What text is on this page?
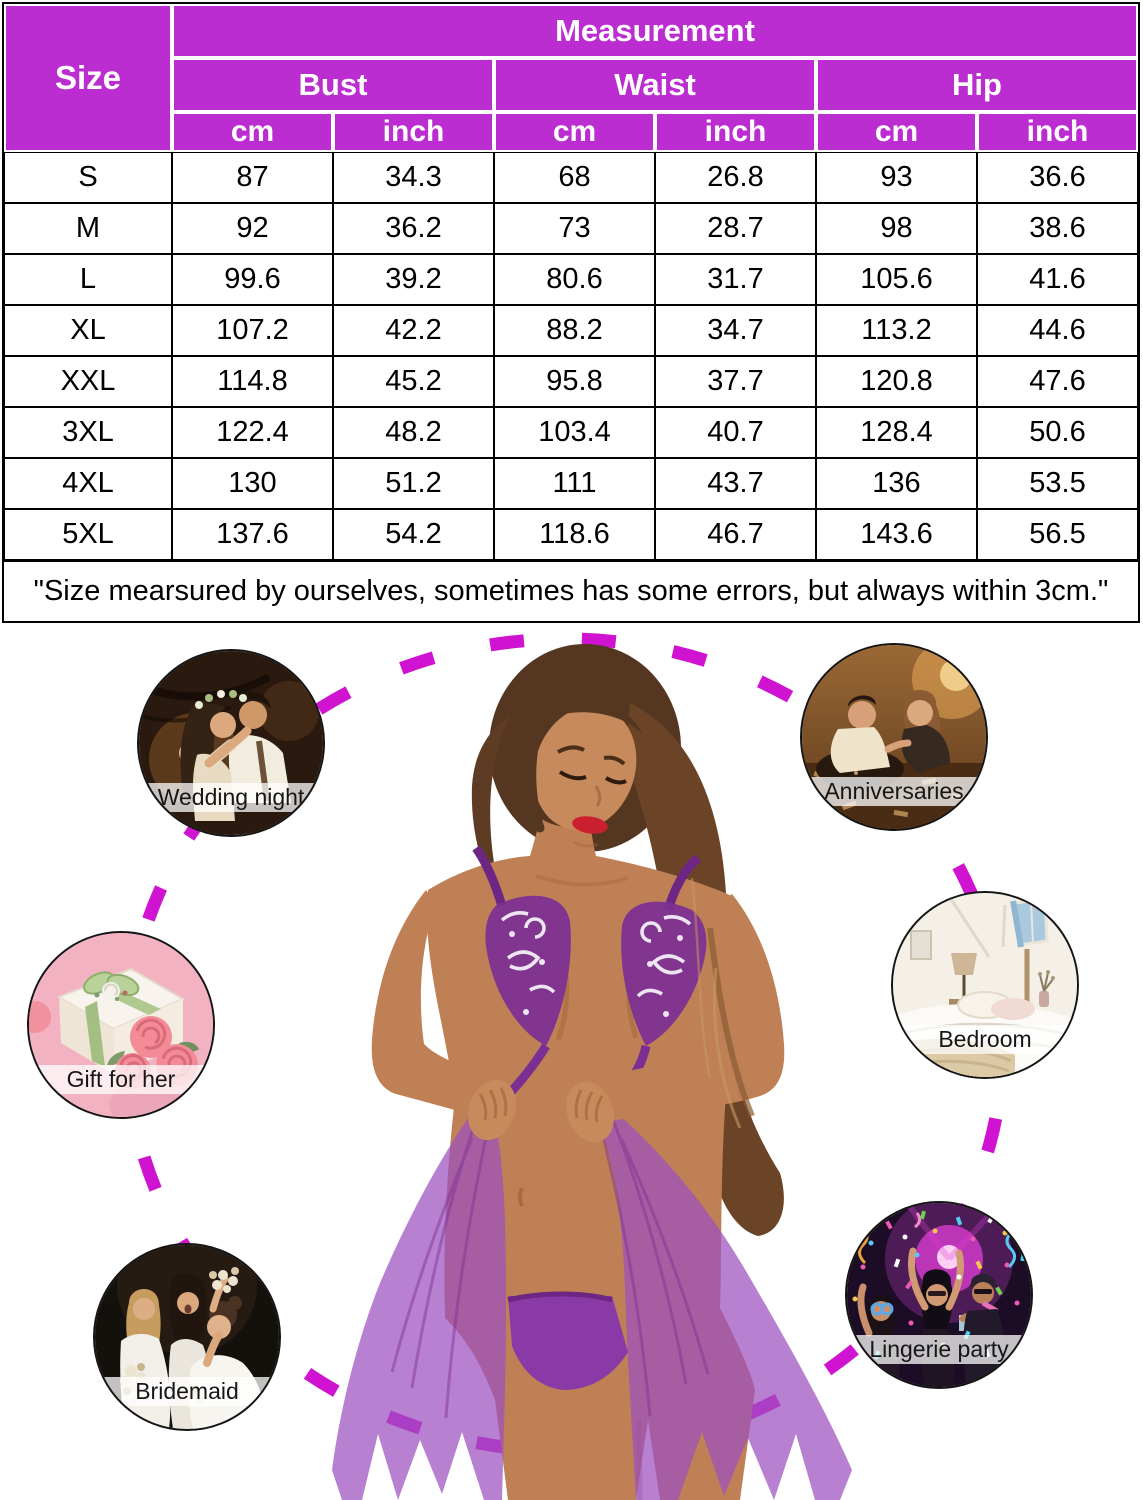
Size
Measurement
Bust	Waist	Hip
cm	inch	cm	inch	cm	inch
S	87	34.3	68	26.8	93	36.6
M	92	36.2	73	28.7	98	38.6
L	99.6	39.2	80.6	31.7	105.6	41.6
XL	107.2	42.2	88.2	34.7	113.2	44.6
XXL	114.8	45.2	95.8	37.7	120.8	47.6
3XL	122.4	48.2	103.4	40.7	128.4	50.6
4XL	130	51.2	111	43.7	136	53.5
5XL	137.6	54.2	118.6	46.7	143.6	56.5
"Size mearsured by ourselves, sometimes has some errors, but always within 3cm."
Wedding night	Anniversaries
Gift for her
Bedroom
Bridemaid
Lingerie party
